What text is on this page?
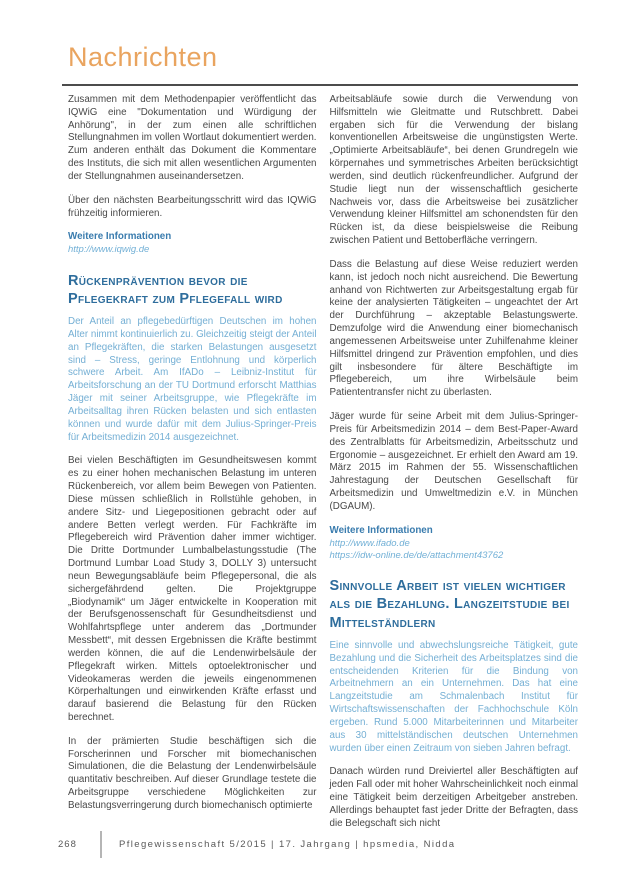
Nachrichten

Zusammen mit dem Methodenpapier veröffentlicht das IQWiG eine "Dokumentation und Würdigung der Anhörung", in der zum einen alle schriftlichen Stellungnahmen im vollen Wortlaut dokumentiert werden. Zum anderen enthält das Dokument die Kommentare des Instituts, die sich mit allen wesentlichen Argumenten der Stellungnahmen auseinandersetzen.

Über den nächsten Bearbeitungsschritt wird das IQWiG frühzeitig informieren.

Weitere Informationen
http://www.iqwig.de
Rückenprävention bevor die Pflegekraft zum Pflegefall wird

Der Anteil an pflegebedürftigen Deutschen im hohen Alter nimmt kontinuierlich zu. Gleichzeitig steigt der Anteil an Pflegekräften, die starken Belastungen ausgesetzt sind – Stress, geringe Entlohnung und körperlich schwere Arbeit. Am IfADo – Leibniz-Institut für Arbeitsforschung an der TU Dortmund erforscht Matthias Jäger mit seiner Arbeitsgruppe, wie Pflegekräfte im Arbeitsalltag ihren Rücken belasten und sich entlasten können und wurde dafür mit dem Julius-Springer-Preis für Arbeitsmedizin 2014 ausgezeichnet.

Bei vielen Beschäftigten im Gesundheitswesen kommt es zu einer hohen mechanischen Belastung im unteren Rückenbereich, vor allem beim Bewegen von Patienten. Diese müssen schließlich in Rollstühle gehoben, in andere Sitz- und Liegepositionen gebracht oder auf andere Betten verlegt werden. Für Fachkräfte im Pflegebereich wird Prävention daher immer wichtiger. Die Dritte Dortmunder Lumbalbelastungsstudie (The Dortmund Lumbar Load Study 3, DOLLY 3) untersucht neun Bewegungsabläufe beim Pflegepersonal, die als sichergefährdend gelten. Die Projektgruppe „Biodynamik“ um Jäger entwickelte in Kooperation mit der Berufsgenossenschaft für Gesundheitsdienst und Wohlfahrtspflege unter anderem das „Dortmunder Messbett“, mit dessen Ergebnissen die Kräfte bestimmt werden können, die auf die Lendenwirbelsäule der Pflegekraft wirken. Mittels optoelektronischer und Videokameras werden die jeweils eingenommenen Körperhaltungen und einwirkenden Kräfte erfasst und darauf basierend die Belastung für den Rücken berechnet.

In der prämierten Studie beschäftigen sich die Forscherinnen und Forscher mit biomechanischen Simulationen, die die Belastung der Lendenwirbelsäule quantitativ beschreiben. Auf dieser Grundlage testete die Arbeitsgruppe verschiedene Möglichkeiten zur Belastungsverringerung durch biomechanisch optimierte

Arbeitsabläufe sowie durch die Verwendung von Hilfsmitteln wie Gleitmatte und Rutschbrett. Dabei ergaben sich für die Verwendung der bislang konventionellen Arbeitsweise die ungünstigsten Werte. „Optimierte Arbeitsabläufe“, bei denen Grundregeln wie körpernahes und symmetrisches Arbeiten berücksichtigt werden, sind deutlich rückenfreundlicher. Aufgrund der Studie liegt nun der wissenschaftlich gesicherte Nachweis vor, dass die Arbeitsweise bei zusätzlicher Verwendung kleiner Hilfsmittel am schonendsten für den Rücken ist, da diese beispielsweise die Reibung zwischen Patient und Bettoberfläche verringern.

Dass die Belastung auf diese Weise reduziert werden kann, ist jedoch noch nicht ausreichend. Die Bewertung anhand von Richtwerten zur Arbeitsgestaltung ergab für keine der analysierten Tätigkeiten – ungeachtet der Art der Durchführung – akzeptable Belastungswerte. Demzufolge wird die Anwendung einer biomechanisch angemessenen Arbeitsweise unter Zuhilfenahme kleiner Hilfsmittel dringend zur Prävention empfohlen, und dies gilt insbesondere für ältere Beschäftigte im Pflegebereich, um ihre Wirbelsäule beim Patiententransfer nicht zu überlasten.

Jäger wurde für seine Arbeit mit dem Julius-Springer-Preis für Arbeitsmedizin 2014 – dem Best-Paper-Award des Zentralblatts für Arbeitsmedizin, Arbeitsschutz und Ergonomie – ausgezeichnet. Er erhielt den Award am 19. März 2015 im Rahmen der 55. Wissenschaftlichen Jahrestagung der Deutschen Gesellschaft für Arbeitsmedizin und Umweltmedizin e.V. in München (DGAUM).

Weitere Informationen
http://www.ifado.de
https://idw-online.de/de/attachment43762
Sinnvolle Arbeit ist vielen wichtiger als die Bezahlung. Langzeitstudie bei Mittelständlern

Eine sinnvolle und abwechslungsreiche Tätigkeit, gute Bezahlung und die Sicherheit des Arbeitsplatzes sind die entscheidenden Kriterien für die Bindung von Arbeitnehmern an ein Unternehmen. Das hat eine Langzeitstudie am Schmalenbach Institut für Wirtschaftswissenschaften der Fachhochschule Köln ergeben. Rund 5.000 Mitarbeiterinnen und Mitarbeiter aus 30 mittelständischen deutschen Unternehmen wurden über einen Zeitraum von sieben Jahren befragt.

Danach würden rund Dreiviertel aller Beschäftigten auf jeden Fall oder mit hoher Wahrscheinlichkeit noch einmal eine Tätigkeit beim derzeitigen Arbeitgeber anstreben. Allerdings behauptet fast jeder Dritte der Befragten, dass die Belegschaft sich nicht

268	Pflegewissenschaft 5/2015 | 17. Jahrgang | hpsmedia, Nidda
